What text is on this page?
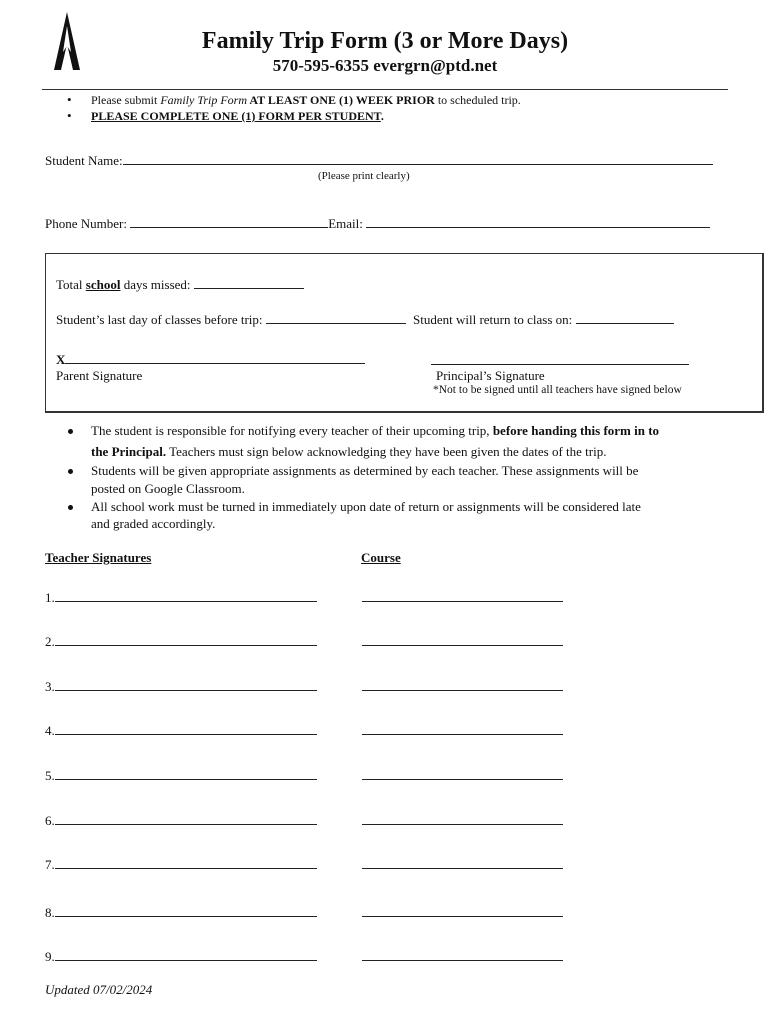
Family Trip Form (3 or More Days)
570-595-6355 evergrn@ptd.net
• Please submit Family Trip Form AT LEAST ONE (1) WEEK PRIOR to scheduled trip.
• PLEASE COMPLETE ONE (1) FORM PER STUDENT.
Student Name:
(Please print clearly)
Phone Number:	Email:
Total school days missed:
Student’s last day of classes before trip:	Student will return to class on:
X
Parent Signature	Principal’s Signature
*Not to be signed until all teachers have signed below
The student is responsible for notifying every teacher of their upcoming trip, before handing this form in to
the Principal. Teachers must sign below acknowledging they have been given the dates of the trip.
Students will be given appropriate assignments as determined by each teacher. These assignments will be
posted on Google Classroom.
All school work must be turned in immediately upon date of return or assignments will be considered late
and graded accordingly.
Teacher Signatures	Course
1.
2.
3.
4.
5.
6.
7.
8.
9.
Updated 07/02/2024
